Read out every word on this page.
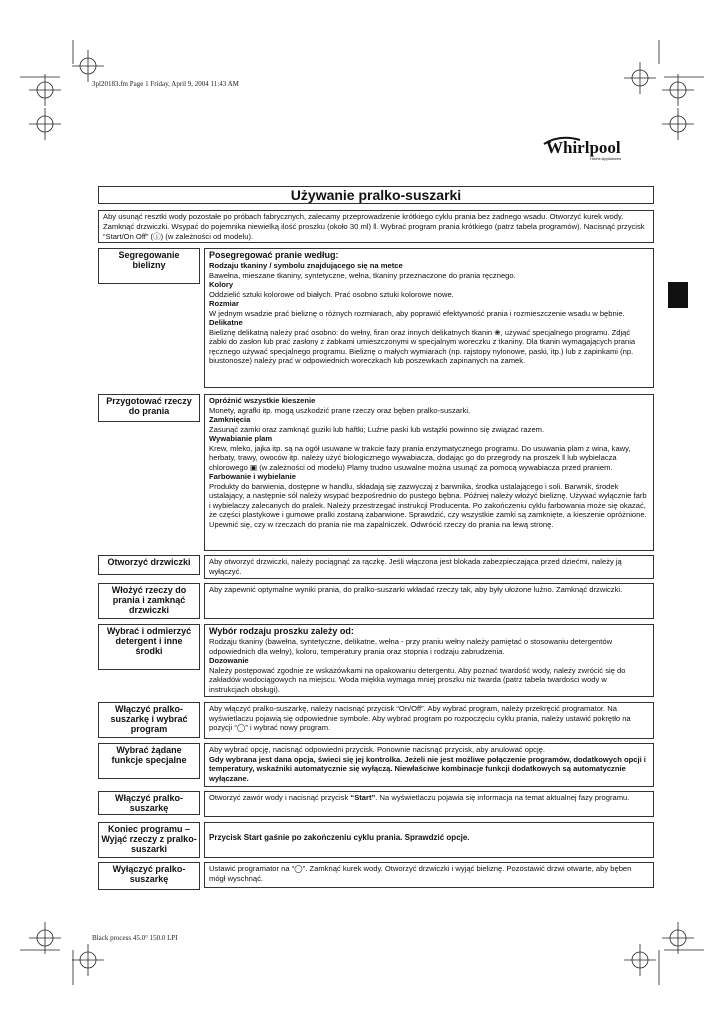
3pl20183.fm Page 1 Friday, April 9, 2004 11:43 AM
Black process 45.0° 150.0 LPI
Whirlpool
Home Appliances
Używanie pralko-suszarki
Aby usunąć resztki wody pozostałe po próbach fabrycznych, zalecamy przeprowadzenie krótkiego cyklu prania bez żadnego wsadu. Otworzyć kurek wody. Zamknąć drzwiczki. Wsypać do pojemnika niewielką ilość proszku (około 30 ml) ǁ. Wybrać program prania krótkiego (patrz tabela programów). Nacisnąć przycisk “Start/On Off” (ⓘ) (w zależności od modelu).
Segregowanie bielizny
Posegregować pranie według:
Rodzaju tkaniny / symbolu znajdującego się na metce
Bawełna, mieszane tkaniny, syntetyczne, wełna, tkaniny przeznaczone do prania ręcznego.
Kolory
Oddzielić sztuki kolorowe od białych. Prać osobno sztuki kolorowe nowe.
Rozmiar
W jednym wsadzie prać bieliznę o różnych rozmiarach, aby poprawić efektywność prania i rozmieszczenie wsadu w bębnie.
Delikatne
Bieliznę delikatną należy prać osobno: do wełny, firan oraz innych delikatnych tkanin ❀, używać specjalnego programu. Zdjąć żabki do zasłon lub prać zasłony z żabkami umieszczonymi w specjalnym woreczku z tkaniny. Dla tkanin wymagających prania ręcznego używać specjalnego programu. Bieliznę o małych wymiarach (np. rajstopy nylonowe, paski, itp.) lub z zapinkami (np. biustonosze) należy prać w odpowiednich woreczkach lub poszewkach zapinanych na zamek.
Przygotować rzeczy do prania
Opróżnić wszystkie kieszenie
Monety, agrafki itp. mogą uszkodzić prane rzeczy oraz bęben pralko-suszarki.
Zamknięcia
Zasunąć zamki oraz zamknąć guziki lub haftki; Luźne paski lub wstążki powinno się związać razem.
Wywabianie plam
Krew, mleko, jajka itp. są na ogół usuwane w trakcie fazy prania enzymatycznego programu. Do usuwania plam z wina, kawy, herbaty, trawy, owoców itp. należy użyć biologicznego wywabiacza, dodając go do przegrody na proszek ǁ lub wybielacza chlorowego ▣ (w zależności od modelu) Plamy trudno usuwalne można usunąć za pomocą wywabiacza przed praniem.
Farbowanie i wybielanie
Produkty do barwienia, dostępne w handlu, składają się zazwyczaj z barwnika, środka ustalającego i soli. Barwnik, środek ustalający, a następnie sól należy wsypać bezpośrednio do pustego bębna. Później należy włożyć bieliznę. Używać wyłącznie farb i wybielaczy zalecanych do pralek. Należy przestrzegać instrukcji Producenta. Po zakończeniu cyklu farbowania może się okazać, że części plastykowe i gumowe pralki zostaną zabarwione. Sprawdzić, czy wszystkie zamki są zamknięte, a kieszenie opróżnione. Upewnić się, czy w rzeczach do prania nie ma zapalniczek. Odwrócić rzeczy do prania na lewą stronę.
Otworzyć drzwiczki	Aby otworzyć drzwiczki, należy pociągnąć za rączkę. Jeśli włączona jest blokada zabezpieczająca przed dziećmi, należy ją wyłączyć.
Włożyć rzeczy do prania i zamknąć drzwiczki
Aby zapewnić optymalne wyniki prania, do pralko-suszarki wkładać rzeczy tak, aby były ułożone luźno. Zamknąć drzwiczki.
Wybrać i odmierzyć detergent i inne środki
Wybór rodzaju proszku zależy od:
Rodzaju tkaniny (bawełna, syntetyczne, delikatne, wełna - przy praniu wełny należy pamiętać o stosowaniu detergentów odpowiednich dla wełny), koloru, temperatury prania oraz stopnia i rodzaju zabrudzenia.
Dozowanie
Należy postępować zgodnie ze wskazówkami na opakowaniu detergentu. Aby poznać twardość wody, należy zwrócić się do zakładów wodociągowych na miejscu. Woda miękka wymaga mniej proszku niż twarda (patrz tabela twardości wody w instrukcjach obsługi).
Włączyć pralko-suszarkę i wybrać program
Aby włączyć pralko-suszarkę, należy nacisnąć przycisk “On/Off”. Aby wybrać program, należy przekręcić programator. Na wyświetlaczu pojawią się odpowiednie symbole. Aby wybrać program po rozpoczęciu cyklu prania, należy ustawić pokrętło na pozycji “◯” i wybrać nowy program.
Wybrać żądane funkcje specjalne
Aby wybrać opcję, nacisnąć odpowiedni przycisk. Ponownie nacisnąć przycisk, aby anulować opcję.
Gdy wybrana jest dana opcja, świeci się jej kontrolka. Jeżeli nie jest możliwe połączenie programów, dodatkowych opcji i temperatury, wskaźniki automatycznie się wyłączą. Niewłaściwe kombinacje funkcji dodatkowych są automatycznie wyłączane.
Włączyć pralko-suszarkę
Otworzyć zawór wody i nacisnąć przycisk “Start”. Na wyświetlaczu pojawia się informacja na temat aktualnej fazy programu.
Koniec programu – Wyjąć rzeczy z pralko-suszarki
Przycisk Start gaśnie po zakończeniu cyklu prania. Sprawdzić opcje.
Wyłączyć pralko-suszarkę
Ustawić programator na “◯”. Zamknąć kurek wody. Otworzyć drzwiczki i wyjąć bieliznę. Pozostawić drzwi otwarte, aby bęben mógł wyschnąć.
